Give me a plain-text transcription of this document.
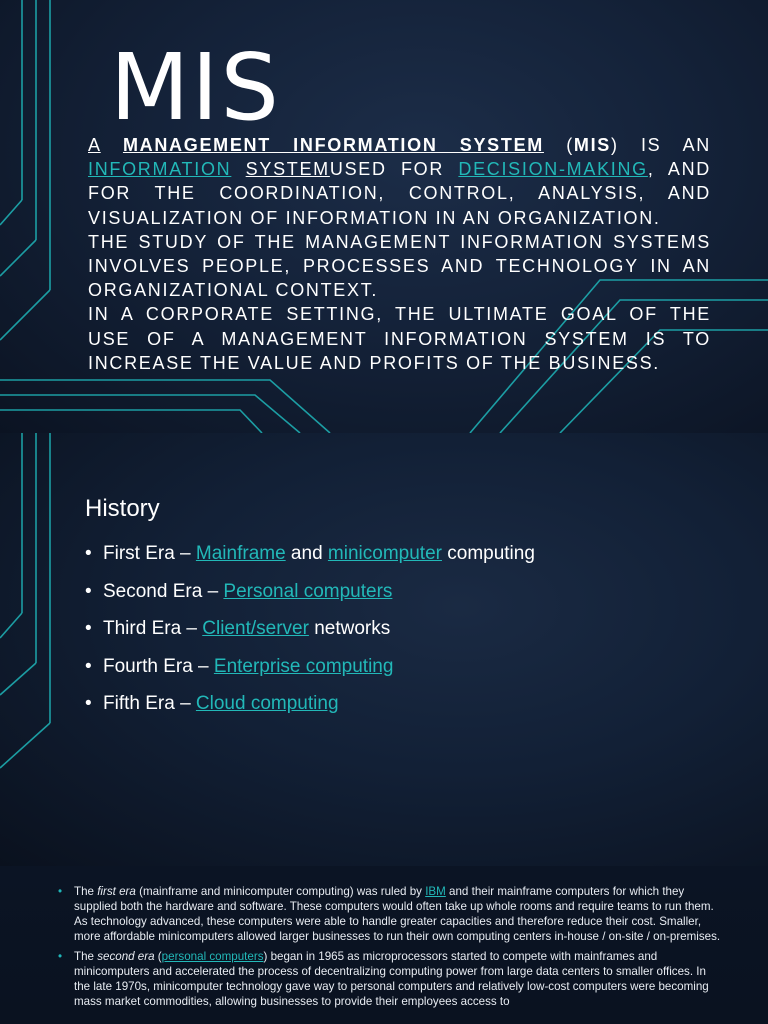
MIS

A MANAGEMENT INFORMATION SYSTEM (MIS) IS AN INFORMATION SYSTEMUSED FOR DECISION-MAKING, AND FOR THE COORDINATION, CONTROL, ANALYSIS, AND VISUALIZATION OF INFORMATION IN AN ORGANIZATION.

THE STUDY OF THE MANAGEMENT INFORMATION SYSTEMS INVOLVES PEOPLE, PROCESSES AND TECHNOLOGY IN AN ORGANIZATIONAL CONTEXT.

IN A CORPORATE SETTING, THE ULTIMATE GOAL OF THE USE OF A MANAGEMENT INFORMATION SYSTEM IS TO INCREASE THE VALUE AND PROFITS OF THE BUSINESS.

History
• First Era – Mainframe and minicomputer computing
• Second Era – Personal computers
• Third Era – Client/server networks
• Fourth Era – Enterprise computing
• Fifth Era – Cloud computing
• The first era (mainframe and minicomputer computing) was ruled by IBM and their mainframe computers for which they supplied both the hardware and software. These computers would often take up whole rooms and require teams to run them. As technology advanced, these computers were able to handle greater capacities and therefore reduce their cost. Smaller, more affordable minicomputers allowed larger businesses to run their own computing centers in-house / on-site / on-premises.
• The second era (personal computers) began in 1965 as microprocessors started to compete with mainframes and minicomputers and accelerated the process of decentralizing computing power from large data centers to smaller offices. In the late 1970s, minicomputer technology gave way to personal computers and relatively low-cost computers were becoming mass market commodities, allowing businesses to provide their employees access to
